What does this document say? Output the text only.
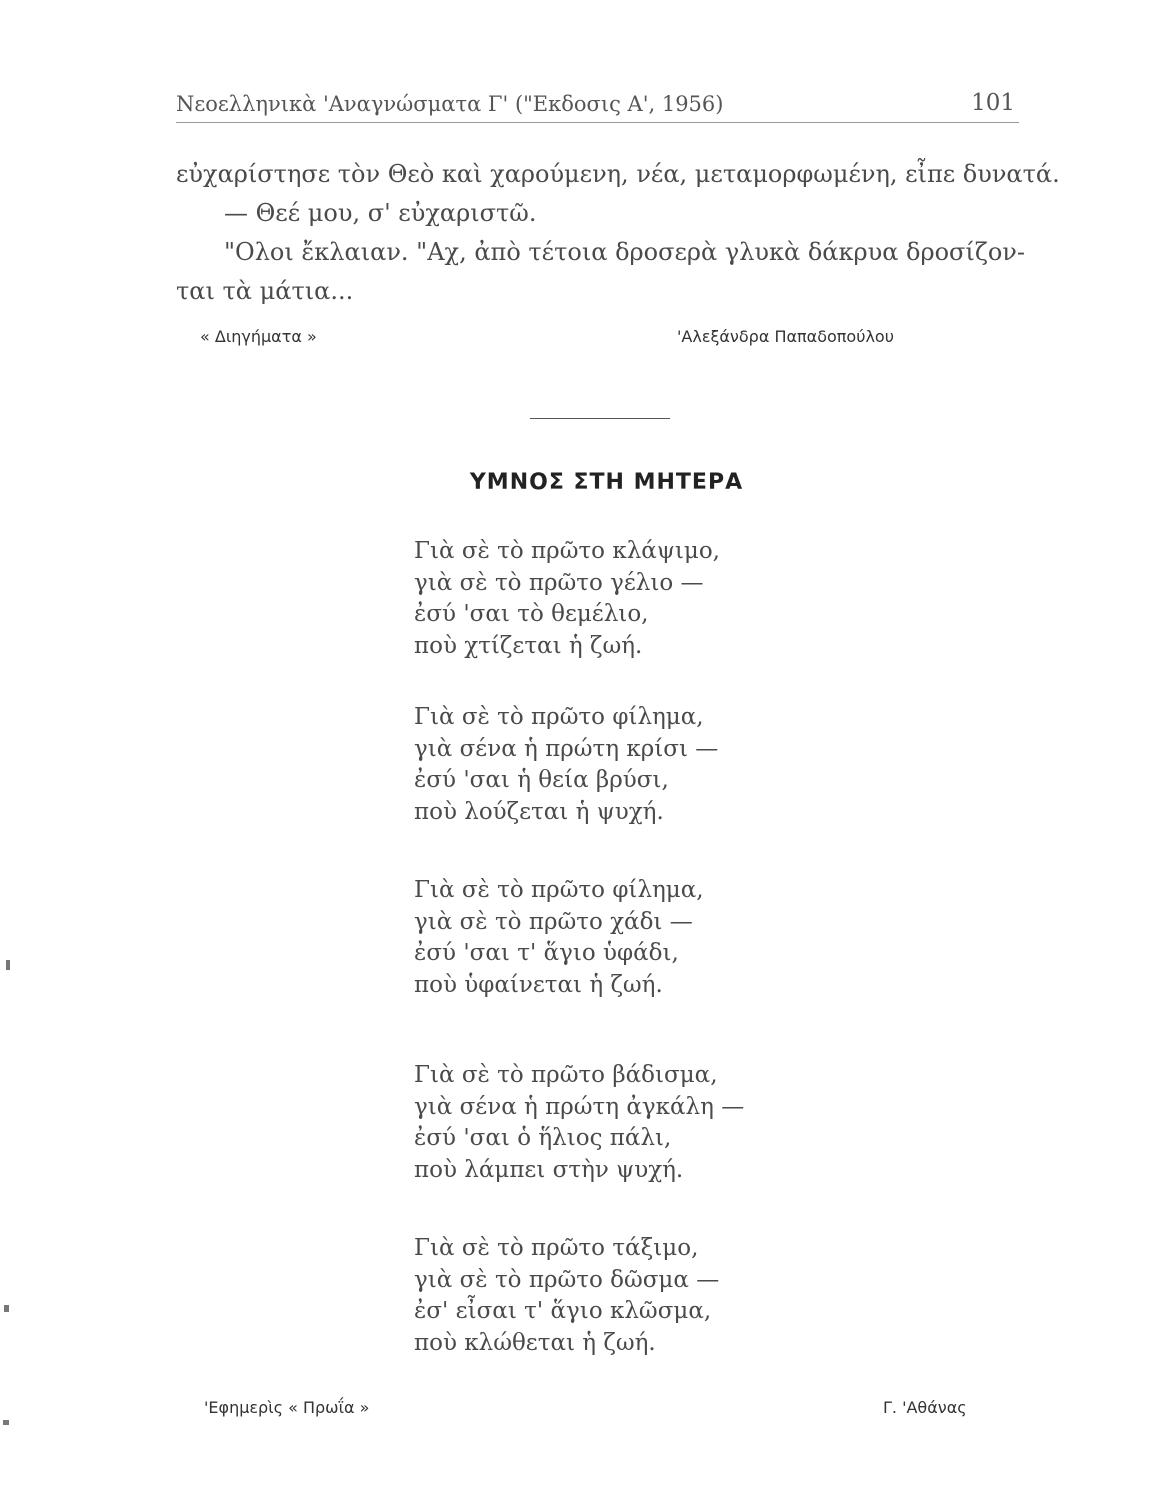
Νεοελληνικὰ 'Αναγνώσματα Γ' ("Εκδοσις Α', 1956)	101

εὐχαρίστησε τὸν Θεὸ καὶ χαρούμενη, νέα, μεταμορφωμένη, εἶπε δυνατά.

— Θεέ μου, σ' εὐχαριστῶ.

"Ολοι ἔκλαιαν. "Αχ, ἀπὸ τέτοια δροσερὰ γλυκὰ δάκρυα δροσίζον-

ται τὰ μάτια...

« Διηγήματα »	'Αλεξάνδρα Παπαδοπούλου
ΥΜΝΟΣ ΣΤΗ ΜΗΤΕΡΑ
Γιὰ σὲ τὸ πρῶτο κλάψιμο,
γιὰ σὲ τὸ πρῶτο γέλιο —
ἐσύ 'σαι τὸ θεμέλιο,
ποὺ χτίζεται ἡ ζωή.
Γιὰ σὲ τὸ πρῶτο φίλημα,
γιὰ σένα ἡ πρώτη κρίσι —
ἐσύ 'σαι ἡ θεία βρύσι,
ποὺ λούζεται ἡ ψυχή.
Γιὰ σὲ τὸ πρῶτο φίλημα,
γιὰ σὲ τὸ πρῶτο χάδι —
ἐσύ 'σαι τ' ἅγιο ὑφάδι,
ποὺ ὑφαίνεται ἡ ζωή.
Γιὰ σὲ τὸ πρῶτο βάδισμα,
γιὰ σένα ἡ πρώτη ἀγκάλη —
ἐσύ 'σαι ὁ ἥλιος πάλι,
ποὺ λάμπει στὴν ψυχή.
Γιὰ σὲ τὸ πρῶτο τάξιμο,
γιὰ σὲ τὸ πρῶτο δῶσμα —
ἐσ' εἶσαι τ' ἅγιο κλῶσμα,
ποὺ κλώθεται ἡ ζωή.
'Εφημερὶς « Πρωΐα »	Γ. 'Αθάνας
